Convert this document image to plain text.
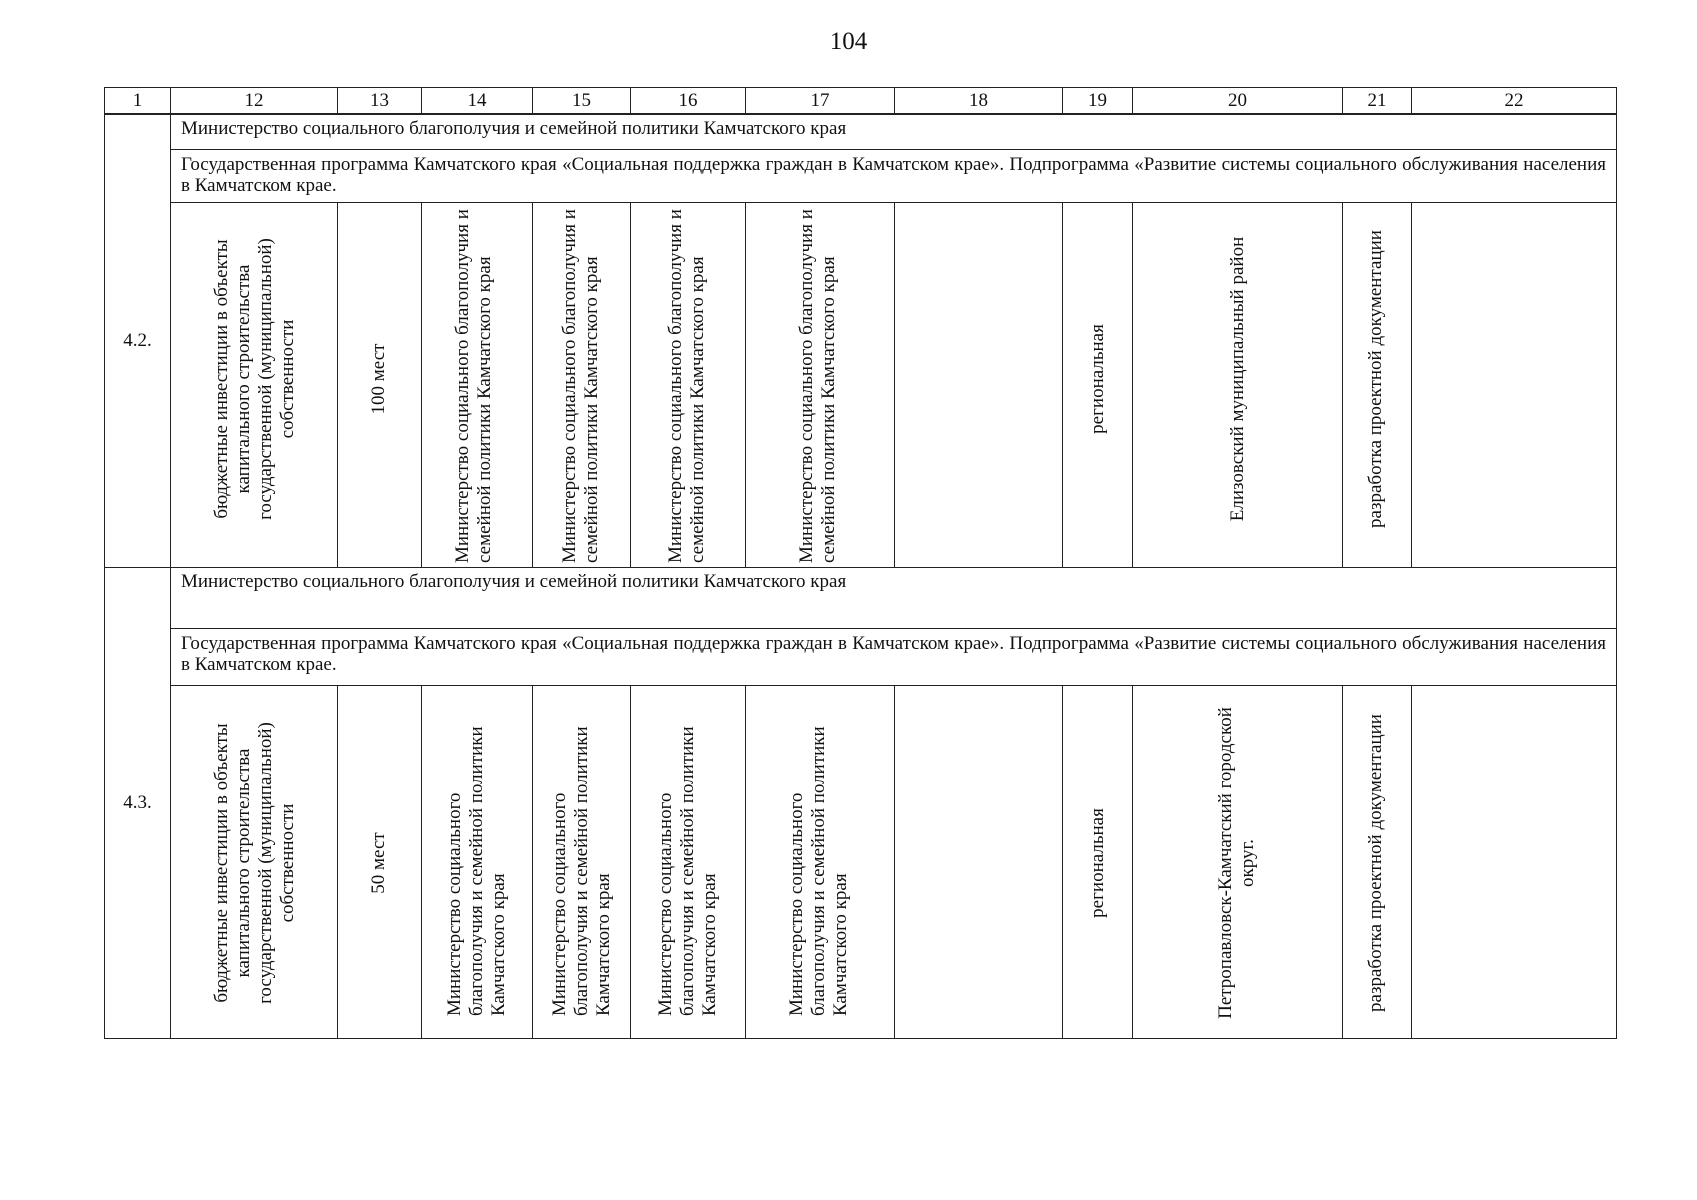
104
1	12	13	14	15	16	17	18	19	20	21	22
4.2.	Министерство социального благополучия и семейной политики Камчатского края										
	Государственная программа Камчатского края «Социальная поддержка граждан в Камчатском крае». Подпрограмма «Развитие системы социального обслуживания населения в Камчатском крае.										

	бюджетные инвестиции в объекты капитального строительства государственной (муниципальной) собственности	100 мест	Министерство социального благополучия и семейной политики Камчатского края	Министерство социального благополучия и семейной политики Камчатского края	Министерство социального благополучия и семейной политики Камчатского края	Министерство социального благополучия и семейной политики Камчатского края		региональная	Елизовский муниципальный район	разработка проектной документации	

4.3.	Министерство социального благополучия и семейной политики Камчатского края										
	Государственная программа Камчатского края «Социальная поддержка граждан в Камчатском крае». Подпрограмма «Развитие системы социального обслуживания населения в Камчатском крае.										

	бюджетные инвестиции в объекты капитального строительства государственной (муниципальной) собственности	50 мест	Министерство социального благополучия и семейной политики Камчатского края	Министерство социального благополучия и семейной политики Камчатского края	Министерство социального благополучия и семейной политики Камчатского края	Министерство социального благополучия и семейной политики Камчатского края		региональная	Петропавловск-Камчатский городской округ.	разработка проектной документации	
